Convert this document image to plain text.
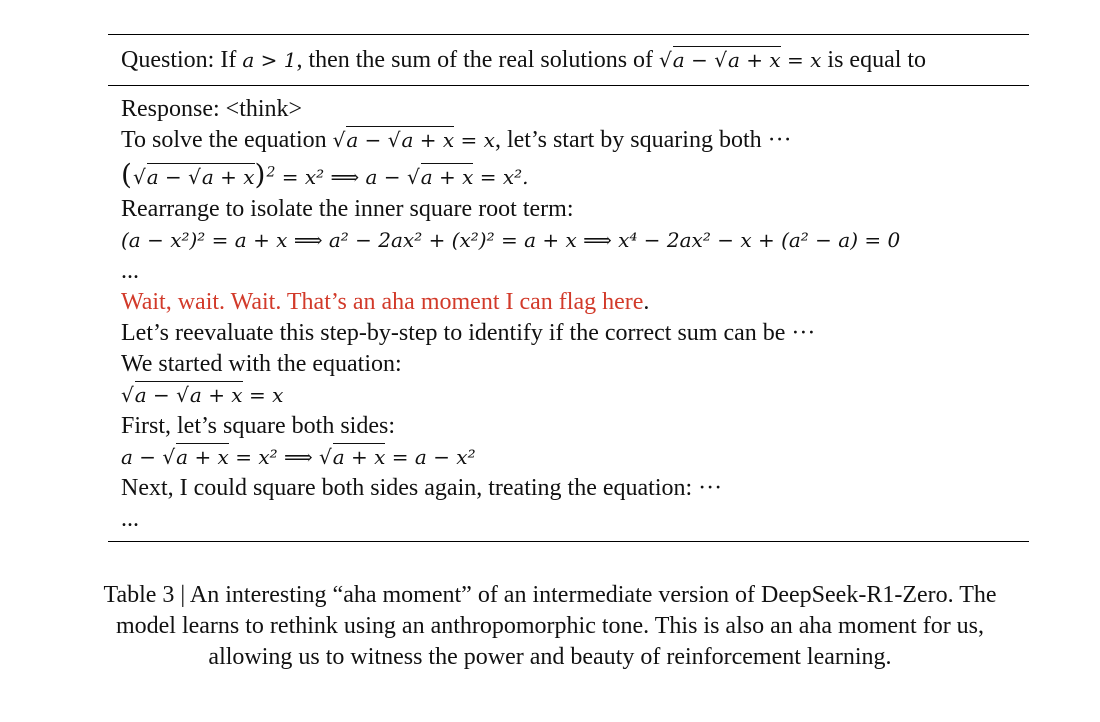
Question: If a > 1, then the sum of the real solutions of √a − √a + x = x is equal to
Response: <think>
To solve the equation √a − √a + x = x, let’s start by squaring both ···
$(√a - √a + x)^2 = x^2$ ⟹ a − √a + x = x².
Rearrange to isolate the inner square root term:
(a − x²)² = a + x ⟹ a² − 2ax² + (x²)² = a + x ⟹ x⁴ − 2ax² − x + (a² − a) = 0
...
Wait, wait. Wait. That’s an aha moment I can flag here.
Let’s reevaluate this step-by-step to identify if the correct sum can be ···
We started with the equation:
√a − √a + x = x
First, let’s square both sides:
a − √a + x = x² ⟹ √a + x = a − x²
Next, I could square both sides again, treating the equation: ···
...
Table 3 | An interesting “aha moment” of an intermediate version of DeepSeek-R1-Zero. The
model learns to rethink using an anthropomorphic tone. This is also an aha moment for us,
allowing us to witness the power and beauty of reinforcement learning.
